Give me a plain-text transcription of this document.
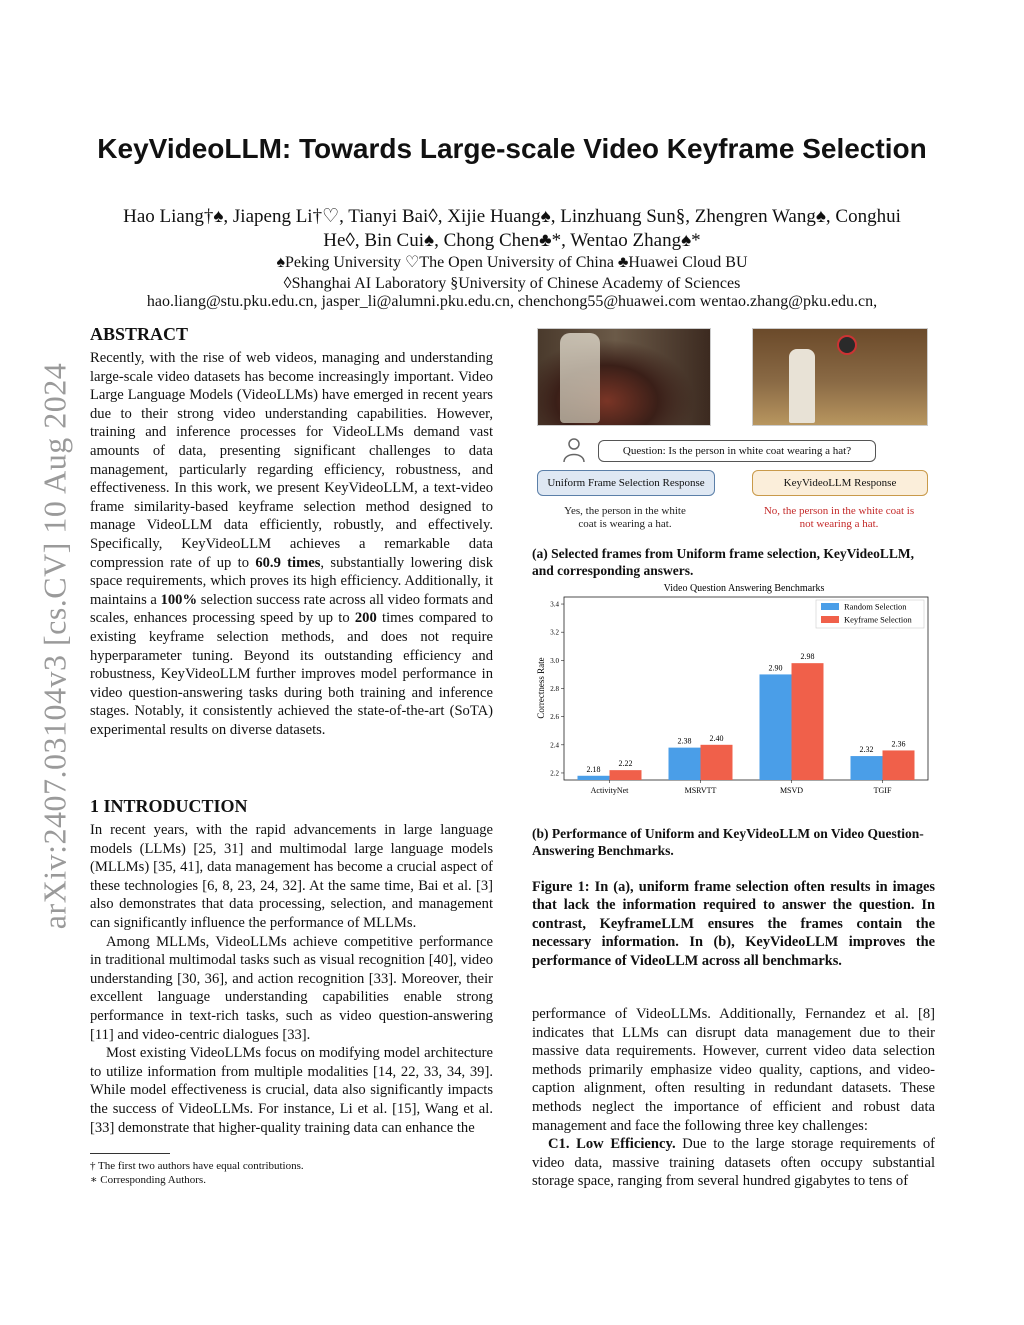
arXiv:2407.03104v3 [cs.CV] 10 Aug 2024
KeyVideoLLM: Towards Large-scale Video Keyframe Selection
Hao Liang†♠, Jiapeng Li†♡, Tianyi Bai◊, Xijie Huang♠, Linzhuang Sun§, Zhengren Wang♠, Conghui
He◊, Bin Cui♠, Chong Chen♣*, Wentao Zhang♠*
♠Peking University ♡The Open University of China ♣Huawei Cloud BU
◊Shanghai AI Laboratory §University of Chinese Academy of Sciences
hao.liang@stu.pku.edu.cn, jasper_li@alumni.pku.edu.cn, chenchong55@huawei.com wentao.zhang@pku.edu.cn,
ABSTRACT
Recently, with the rise of web videos, managing and understanding large-scale video datasets has become increasingly important. Video Large Language Models (VideoLLMs) have emerged in recent years due to their strong video understanding capabilities. However, training and inference processes for VideoLLMs demand vast amounts of data, presenting significant challenges to data management, particularly regarding efficiency, robustness, and effectiveness. In this work, we present KeyVideoLLM, a text-video frame similarity-based keyframe selection method designed to manage VideoLLM data efficiently, robustly, and effectively. Specifically, KeyVideoLLM achieves a remarkable data compression rate of up to 60.9 times, substantially lowering disk space requirements, which proves its high efficiency. Additionally, it maintains a 100% selection success rate across all video formats and scales, enhances processing speed by up to 200 times compared to existing keyframe selection methods, and does not require hyperparameter tuning. Beyond its outstanding efficiency and robustness, KeyVideoLLM further improves model performance in video question-answering tasks during both training and inference stages. Notably, it consistently achieved the state-of-the-art (SoTA) experimental results on diverse datasets.
1 INTRODUCTION
In recent years, with the rapid advancements in large language models (LLMs) [25, 31] and multimodal large language models (MLLMs) [35, 41], data management has become a crucial aspect of these technologies [6, 8, 23, 24, 32]. At the same time, Bai et al. [3] also demonstrates that data processing, selection, and management can significantly influence the performance of MLLMs.
Among MLLMs, VideoLLMs achieve competitive performance in traditional multimodal tasks such as visual recognition [40], video understanding [30, 36], and action recognition [33]. Moreover, their excellent language understanding capabilities enable strong performance in text-rich tasks, such as video question-answering [11] and video-centric dialogues [33].
Most existing VideoLLMs focus on modifying model architecture to utilize information from multiple modalities [14, 22, 33, 34, 39]. While model effectiveness is crucial, data also significantly impacts the success of VideoLLMs. For instance, Li et al. [15], Wang et al. [33] demonstrate that higher-quality training data can enhance the
† The first two authors have equal contributions.
∗ Corresponding Authors.
Question: Is the person in white coat wearing a hat?
Uniform Frame Selection Response	KeyVideoLLM Response
Yes, the person in the white
coat is wearing a hat.
No, the person in the white coat is
not wearing a hat.
(a) Selected frames from Uniform frame selection, KeyVideoLLM, and corresponding answers.
Video Question Answering Benchmarks
Correctness Rate
2.2
2.4
2.6
2.8
3.0
3.2
3.4
2.18
2.22
2.38 2.40
2.90
2.98
2.32
2.36
ActivityNet	MSRVTT	MSVD	TGIF
Random Selection
Keyframe Selection
(b) Performance of Uniform and KeyVideoLLM on Video Question-Answering Benchmarks.
Figure 1: In (a), uniform frame selection often results in images that lack the information required to answer the question. In contrast, KeyframeLLM ensures the frames contain the necessary information. In (b), KeyVideoLLM improves the performance of VideoLLM across all benchmarks.
performance of VideoLLMs. Additionally, Fernandez et al. [8] indicates that LLMs can disrupt data management due to their massive data requirements. However, current video data selection methods primarily emphasize video quality, captions, and video-caption alignment, often resulting in redundant datasets. These methods neglect the importance of efficient and robust data management and face the following three key challenges:
C1. Low Efficiency. Due to the large storage requirements of video data, massive training datasets often occupy substantial storage space, ranging from several hundred gigabytes to tens of
